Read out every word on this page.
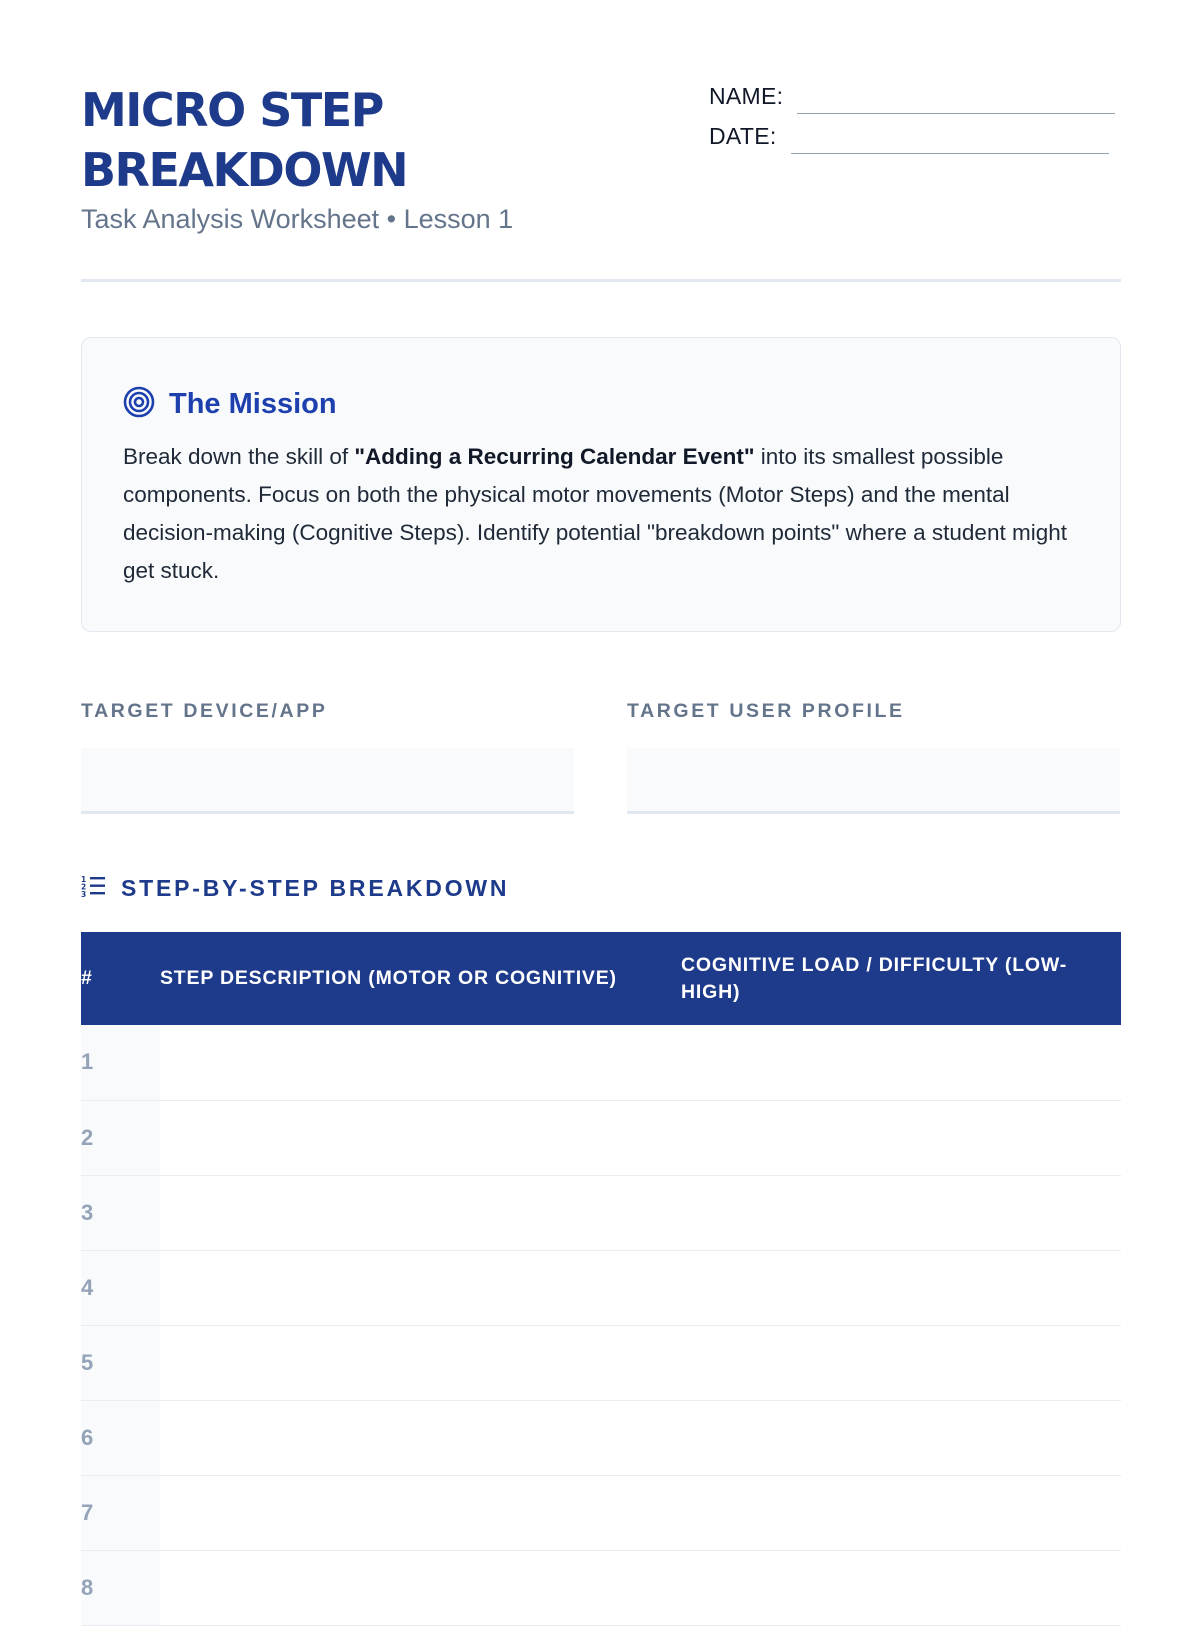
MICRO STEP BREAKDOWN
Task Analysis Worksheet • Lesson 1
NAME:
DATE:
The Mission
Break down the skill of "Adding a Recurring Calendar Event" into its smallest possible components. Focus on both the physical motor movements (Motor Steps) and the mental decision-making (Cognitive Steps). Identify potential "breakdown points" where a student might get stuck.
TARGET DEVICE/APP	TARGET USER PROFILE
1
2
3 STEP-BY-STEP BREAKDOWN
#	STEP DESCRIPTION (MOTOR OR COGNITIVE)	COGNITIVE LOAD / DIFFICULTY (LOW-HIGH)
1		
2		
3		
4		
5		
6		
7		
8		
